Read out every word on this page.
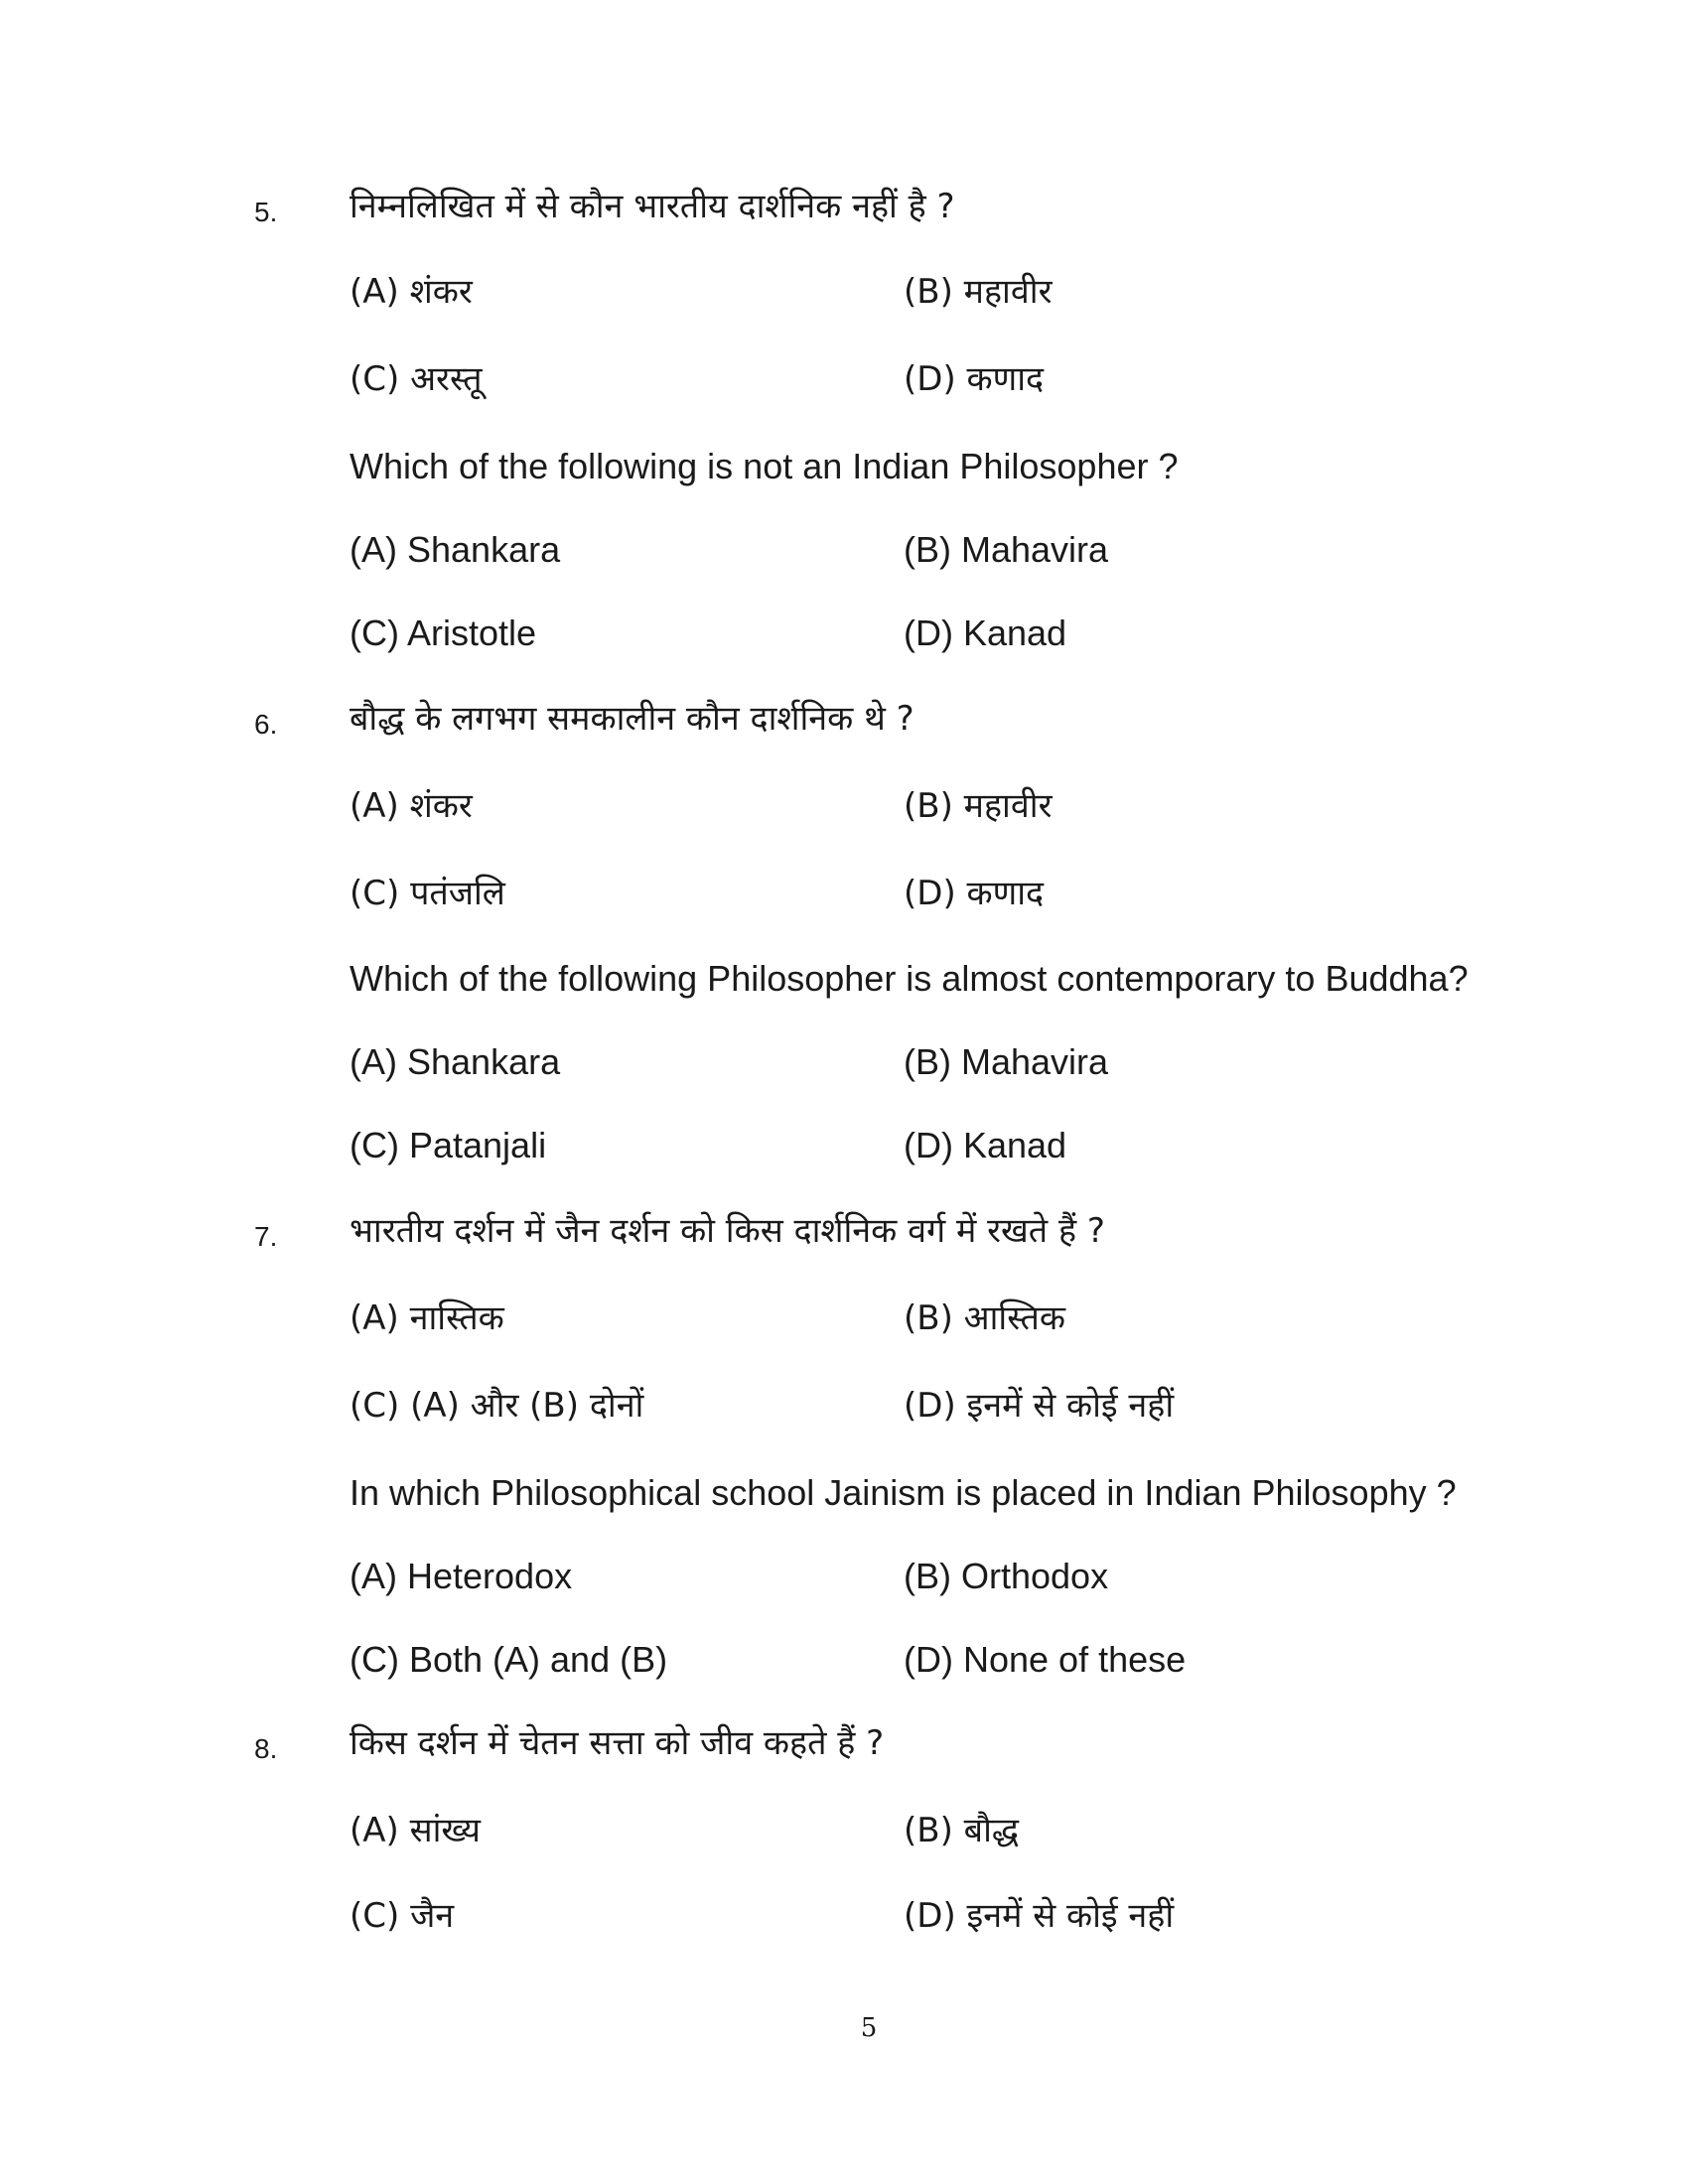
5. निम्नलिखित में से कौन भारतीय दार्शनिक नहीं है ?
(A) शंकर	(B) महावीर
(C) अरस्तू	(D) कणाद
Which of the following is not an Indian Philosopher ?
(A) Shankara	(B) Mahavira
(C) Aristotle	(D) Kanad
6. बौद्ध के लगभग समकालीन कौन दार्शनिक थे ?
(A) शंकर	(B) महावीर
(C) पतंजलि	(D) कणाद
Which of the following Philosopher is almost contemporary to Buddha?
(A) Shankara	(B) Mahavira
(C) Patanjali	(D) Kanad
7. भारतीय दर्शन में जैन दर्शन को किस दार्शनिक वर्ग में रखते हैं ?
(A) नास्तिक	(B) आस्तिक
(C) (A) और (B) दोनों	(D) इनमें से कोई नहीं
In which Philosophical school Jainism is placed in Indian Philosophy ?
(A) Heterodox	(B) Orthodox
(C) Both (A) and (B)	(D) None of these
8. किस दर्शन में चेतन सत्ता को जीव कहते हैं ?
(A) सांख्य	(B) बौद्ध
(C) जैन	(D) इनमें से कोई नहीं
5
